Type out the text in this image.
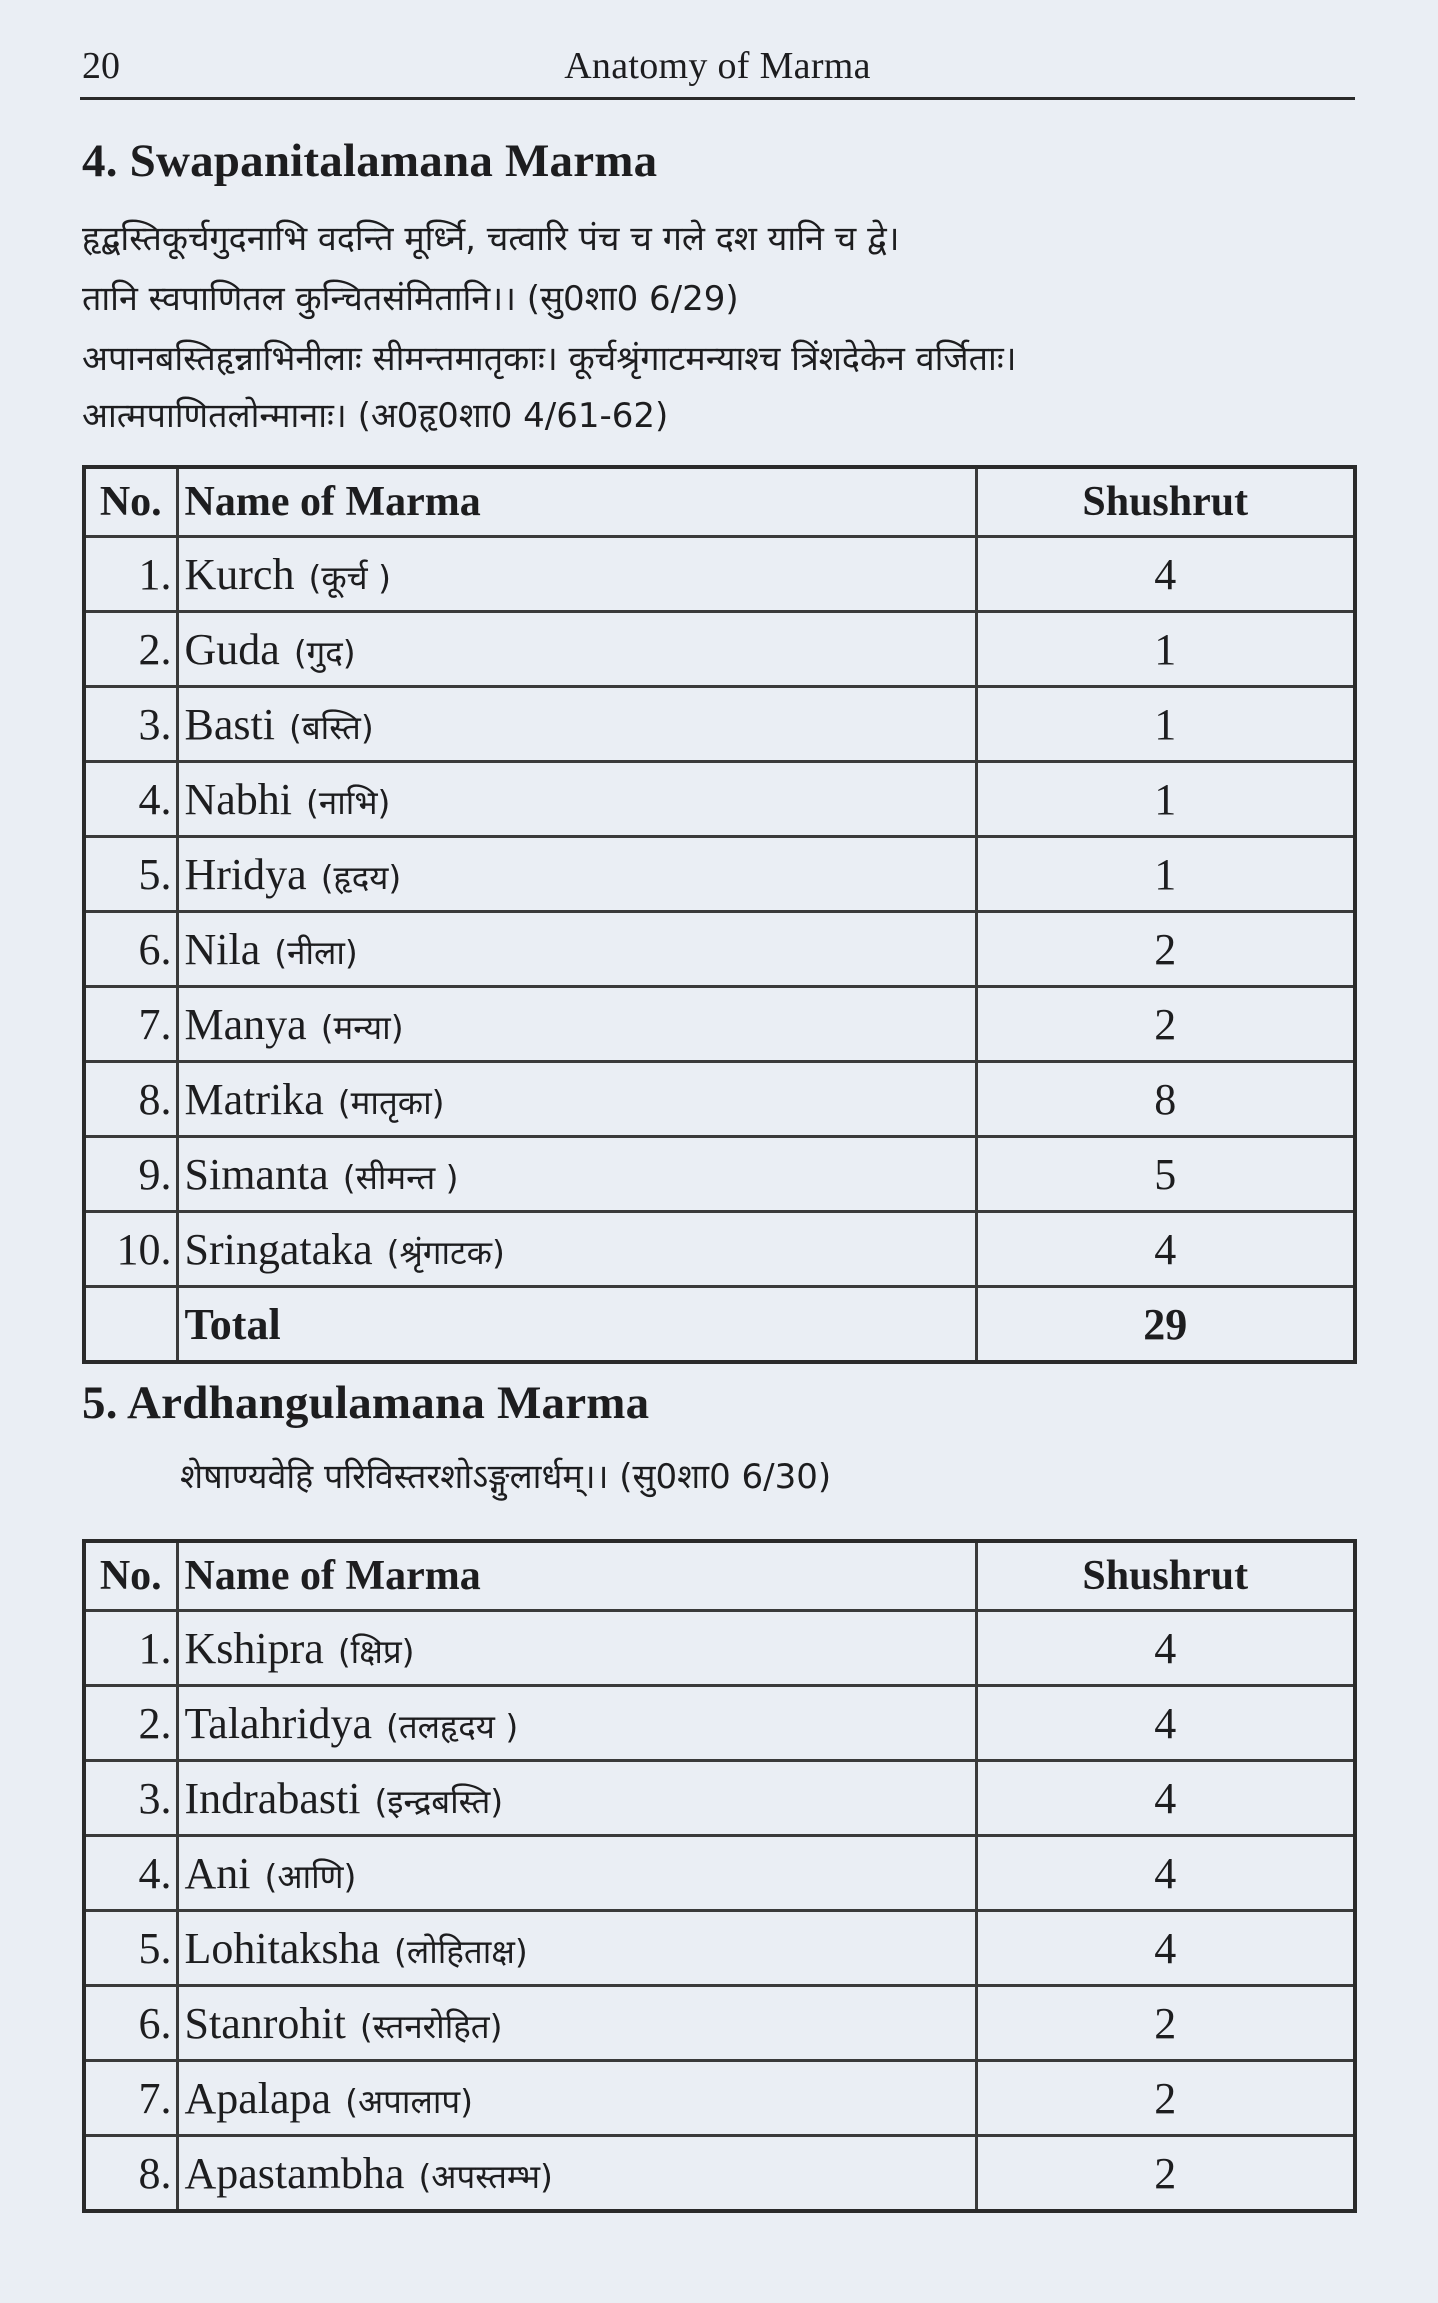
20	Anatomy of Marma
4. Swapanitalamana Marma
हृद्बस्तिकूर्चगुदनाभि वदन्ति मूर्ध्नि, चत्वारि पंच च गले दश यानि च द्वे।
तानि स्वपाणितल कुन्चितसंमितानि।। (सु0शा0 6/29)
अपानबस्तिहृन्नाभिनीलाः सीमन्तमातृकाः। कूर्चश्रृंगाटमन्याश्च त्रिंशदेकेन वर्जिताः।
आत्मपाणितलोन्मानाः। (अ0हृ0शा0 4/61-62)
No.	Name of Marma	Shushrut
1.	Kurch (कूर्च )	4
2.	Guda (गुद)	1
3.	Basti (बस्ति)	1
4.	Nabhi (नाभि)	1
5.	Hridya (हृदय)	1
6.	Nila (नीला)	2
7.	Manya (मन्या)	2
8.	Matrika (मातृका)	8
9.	Simanta (सीमन्त )	5
10.	Sringataka (श्रृंगाटक)	4
	Total	29
5. Ardhangulamana Marma
शेषाण्यवेहि परिविस्तरशोऽङ्गुलार्धम्।। (सु0शा0 6/30)
No.	Name of Marma	Shushrut
1.	Kshipra (क्षिप्र)	4
2.	Talahridya (तलहृदय )	4
3.	Indrabasti (इन्द्रबस्ति)	4
4.	Ani (आणि)	4
5.	Lohitaksha (लोहिताक्ष)	4
6.	Stanrohit (स्तनरोहित)	2
7.	Apalapa (अपालाप)	2
8.	Apastambha (अपस्तम्भ)	2
